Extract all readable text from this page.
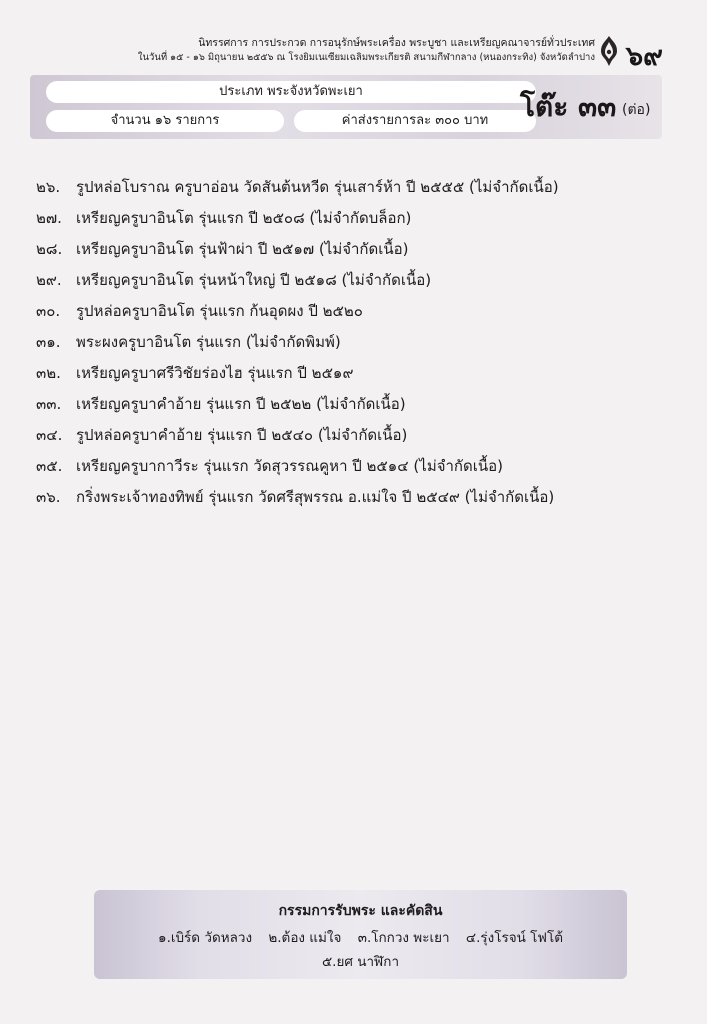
นิทรรศการ การประกวด การอนุรักษ์พระเครื่อง พระบูชา และเหรียญคณาจารย์ทั่วประเทศ
ในวันที่ ๑๕ - ๑๖ มิถุนายน ๒๕๕๖ ณ โรงยิมเนเซียมเฉลิมพระเกียรติ สนามกีฬากลาง (หนองกระทิง) จังหวัดลำปาง ๖๙
ประเภท พระจังหวัดพะเยา
จำนวน ๑๖ รายการ	ค่าส่งรายการละ ๓๐๐ บาท	โต๊ะ ๓๓ (ต่อ)
๒๖.	รูปหล่อโบราณ ครูบาอ่อน วัดสันต้นหวีด รุ่นเสาร์ห้า ปี ๒๕๕๕ (ไม่จำกัดเนื้อ)
๒๗. เหรียญครูบาอินโต รุ่นแรก ปี ๒๕๐๘ (ไม่จำกัดบล็อก)
๒๘. เหรียญครูบาอินโต รุ่นฟ้าผ่า ปี ๒๕๑๗ (ไม่จำกัดเนื้อ)
๒๙. เหรียญครูบาอินโต รุ่นหน้าใหญ่ ปี ๒๕๑๘ (ไม่จำกัดเนื้อ)
๓๐.	รูปหล่อครูบาอินโต รุ่นแรก ก้นอุดผง ปี ๒๕๒๐
๓๑.	พระผงครูบาอินโต รุ่นแรก (ไม่จำกัดพิมพ์)
๓๒.	เหรียญครูบาศรีวิชัยร่องไฮ รุ่นแรก ปี ๒๕๑๙
๓๓. เหรียญครูบาคำอ้าย รุ่นแรก ปี ๒๕๒๒ (ไม่จำกัดเนื้อ)
๓๔. รูปหล่อครูบาคำอ้าย รุ่นแรก ปี ๒๕๔๐ (ไม่จำกัดเนื้อ)
๓๕. เหรียญครูบากาวีระ รุ่นแรก วัดสุวรรณคูหา ปี ๒๕๑๔ (ไม่จำกัดเนื้อ)
๓๖.	กริ่งพระเจ้าทองทิพย์ รุ่นแรก วัดศรีสุพรรณ อ.แม่ใจ ปี ๒๕๔๙ (ไม่จำกัดเนื้อ)
กรรมการรับพระ และคัดสิน
๑.เบิร์ด วัดหลวง ๒.ต้อง แม่ใจ ๓.โกกวง พะเยา ๔.รุ่งโรจน์ โฟโต้
๕.ยศ นาฬิกา
